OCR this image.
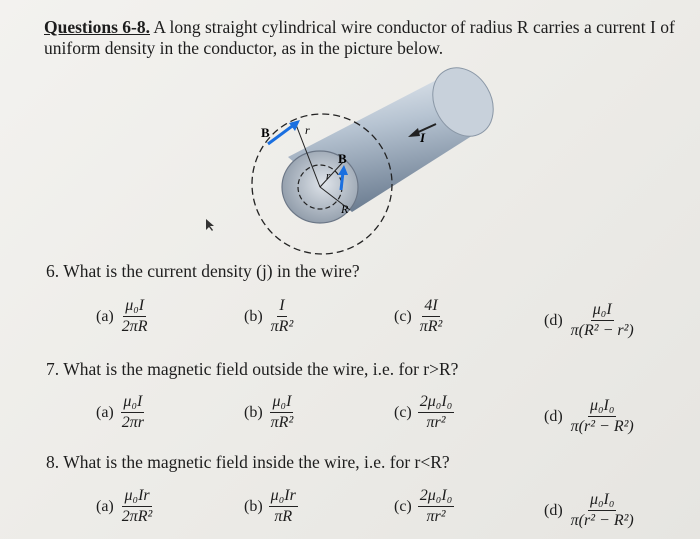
Questions 6-8. A long straight cylindrical wire conductor of radius R carries a current I of uniform density in the conductor, as in the picture below.
B	r
B
r
R
I
6. What is the current density (j) in the wire?
$(a) \frac{\text{μ₀I}}{2\pi R}$	$(b) \frac{I}{\text{πR²}}$	$(c) \frac{4I}{\text{πR²}}$	$(d) \frac{\text{μ₀I}}{\text{π(R² − r²)}}$
7. What is the magnetic field outside the wire, i.e. for r>R?
$(a) \frac{\text{μ₀I}}{2\pi r}$	$(b) \frac{\text{μ₀I}}{\text{πR²}}$	$(c) \frac{\text{2μ₀I₀}}{\text{πr²}}$	$(d) \frac{\text{μ₀I₀}}{\text{π(r² − R²)}}$
8. What is the magnetic field inside the wire, i.e. for r<R?
$(a) \frac{\text{μ₀Ir}}{\text{2πR²}}$	$(b) \frac{\text{μ₀Ir}}{\pi R}$	$(c) \frac{\text{2μ₀I₀}}{\text{πr²}}$	$(d) \frac{\text{μ₀I₀}}{\text{π(r² − R²)}}$
